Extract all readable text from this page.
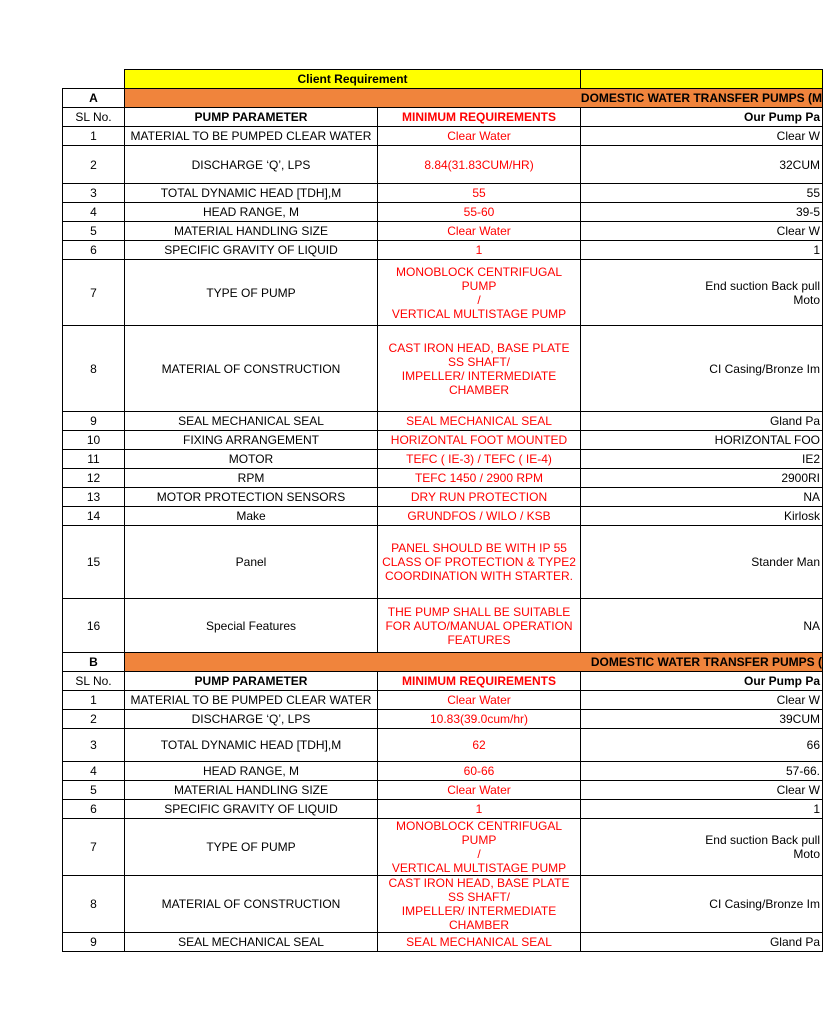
	Client Requirement		
A	DOMESTIC WATER TRANSFER PUMPS (M		
SL No.	PUMP PARAMETER	MINIMUM REQUIREMENTS	Our Pump Pa
1	MATERIAL TO BE PUMPED CLEAR WATER	Clear Water	Clear W
2	DISCHARGE ‘Q’, LPS	8.84(31.83CUM/HR)	32CUM
3	TOTAL DYNAMIC HEAD [TDH],M	55	55
4	HEAD RANGE, M	55-60	39-5
5	MATERIAL HANDLING SIZE	Clear Water	Clear W
6	SPECIFIC GRAVITY OF LIQUID	1	1
7	TYPE OF PUMP	MONOBLOCK CENTRIFUGAL PUMP
/
VERTICAL MULTISTAGE PUMP	End suction Back pull
Moto
8	MATERIAL OF CONSTRUCTION	CAST IRON HEAD, BASE PLATE SS SHAFT/
IMPELLER/ INTERMEDIATE CHAMBER	CI Casing/Bronze Im
9	SEAL MECHANICAL SEAL	SEAL MECHANICAL SEAL	Gland Pa
10	FIXING ARRANGEMENT	HORIZONTAL FOOT MOUNTED	HORIZONTAL FOO
11	MOTOR	TEFC ( IE-3) / TEFC ( IE-4)	IE2
12	RPM	TEFC 1450 / 2900 RPM	2900RI
13	MOTOR PROTECTION SENSORS	DRY RUN PROTECTION	NA
14	Make	GRUNDFOS / WILO / KSB	Kirlosk
15	Panel	PANEL SHOULD BE WITH IP 55 CLASS OF PROTECTION & TYPE2 COORDINATION WITH STARTER.	Stander Man
16	Special Features	THE PUMP SHALL BE SUITABLE FOR AUTO/MANUAL OPERATION FEATURES	NA
B	DOMESTIC WATER TRANSFER PUMPS (		
SL No.	PUMP PARAMETER	MINIMUM REQUIREMENTS	Our Pump Pa
1	MATERIAL TO BE PUMPED CLEAR WATER	Clear Water	Clear W
2	DISCHARGE ‘Q’, LPS	10.83(39.0cum/hr)	39CUM
3	TOTAL DYNAMIC HEAD [TDH],M	62	66
4	HEAD RANGE, M	60-66	57-66.
5	MATERIAL HANDLING SIZE	Clear Water	Clear W
6	SPECIFIC GRAVITY OF LIQUID	1	1
7	TYPE OF PUMP	MONOBLOCK CENTRIFUGAL PUMP
/
VERTICAL MULTISTAGE PUMP	End suction Back pull
Moto
8	MATERIAL OF CONSTRUCTION	CAST IRON HEAD, BASE PLATE SS SHAFT/
IMPELLER/ INTERMEDIATE CHAMBER	CI Casing/Bronze Im
9	SEAL MECHANICAL SEAL	SEAL MECHANICAL SEAL	Gland Pa
